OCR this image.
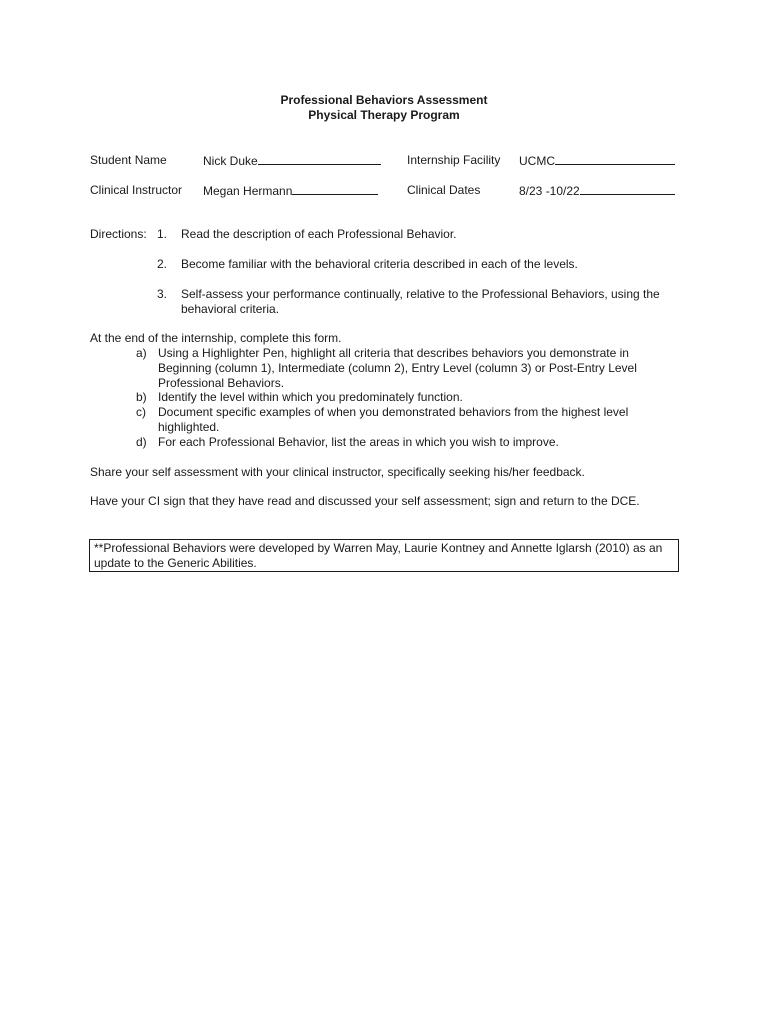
Professional Behaviors Assessment
Physical Therapy Program
Student Name	Nick Duke	Internship Facility UCMC
Clinical Instructor Megan Hermann	Clinical Dates	8/23 -10/22
Directions: 1. Read the description of each Professional Behavior.
2. Become familiar with the behavioral criteria described in each of the levels.
3. Self-assess your performance continually, relative to the Professional Behaviors, using the behavioral criteria.
At the end of the internship, complete this form.
a) Using a Highlighter Pen, highlight all criteria that describes behaviors you demonstrate in Beginning (column 1), Intermediate (column 2), Entry Level (column 3) or Post-Entry Level Professional Behaviors.
b) Identify the level within which you predominately function.
c) Document specific examples of when you demonstrated behaviors from the highest level highlighted.
d) For each Professional Behavior, list the areas in which you wish to improve.
Share your self assessment with your clinical instructor, specifically seeking his/her feedback.
Have your CI sign that they have read and discussed your self assessment; sign and return to the DCE.
**Professional Behaviors were developed by Warren May, Laurie Kontney and Annette Iglarsh (2010) as an update to the Generic Abilities.
